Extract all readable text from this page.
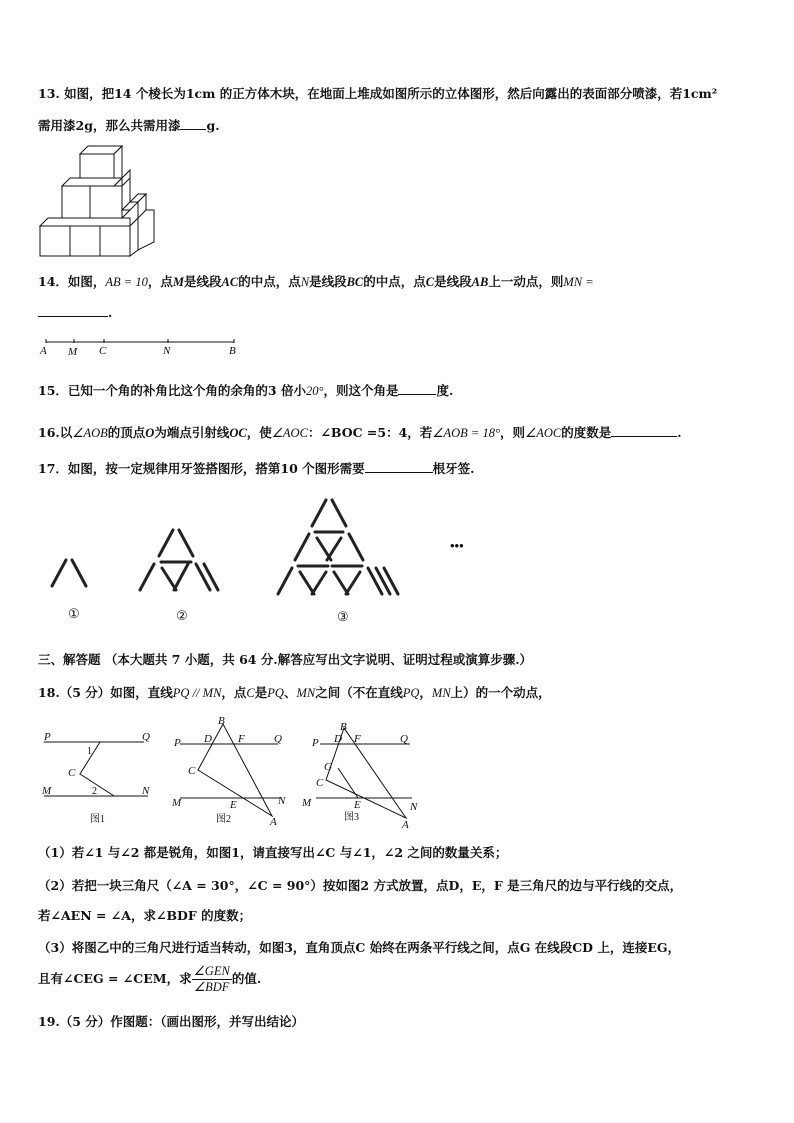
13. 如图，把14 个棱长为1cm 的正方体木块，在地面上堆成如图所示的立体图形，然后向露出的表面部分喷漆，若1cm²
需用漆2g，那么共需用漆 g.
14．如图，AB = 10，点M是线段AC的中点，点N是线段BC的中点，点C是线段AB上一动点，则MN =
.
A M C	N	B
15．已知一个角的补角比这个角的余角的3 倍小20°，则这个角是	度.
16.以∠AOB的顶点O为端点引射线OC，使∠AOC：∠BOC =5：4，若∠AOB = 18°，则∠AOC的度数是	.
17．如图，按一定规律用牙签搭图形，搭第10 个图形需要	根牙签.
①	②	③
•••
三、解答题 （本大题共 7 小题，共 64 分.解答应写出文字说明、证明过程或演算步骤.）
18.（5 分）如图，直线PQ // MN，点C是PQ、MN之间（不在直线PQ，MN上）的一个动点，
P	Q
1
C
M	2	N
图1
B
P D F	Q
C
M	E	N
A
图2
B
P D F	Q
G
C
M	E	N
A
图3
（1）若∠1 与∠2 都是锐角，如图1，请直接写出∠C 与∠1，∠2 之间的数量关系；
（2）若把一块三角尺（∠A = 30°，∠C = 90°）按如图2 方式放置，点D，E，F 是三角尺的边与平行线的交点，
若∠AEN = ∠A，求∠BDF 的度数；
（3）将图乙中的三角尺进行适当转动，如图3，直角顶点C 始终在两条平行线之间，点G 在线段CD 上，连接EG，
且有∠CEG = ∠CEM，求 $\frac{\text{∠GEN}}{\text{∠BDF}}$ 的值.
19.（5 分）作图题：（画出图形，并写出结论）
